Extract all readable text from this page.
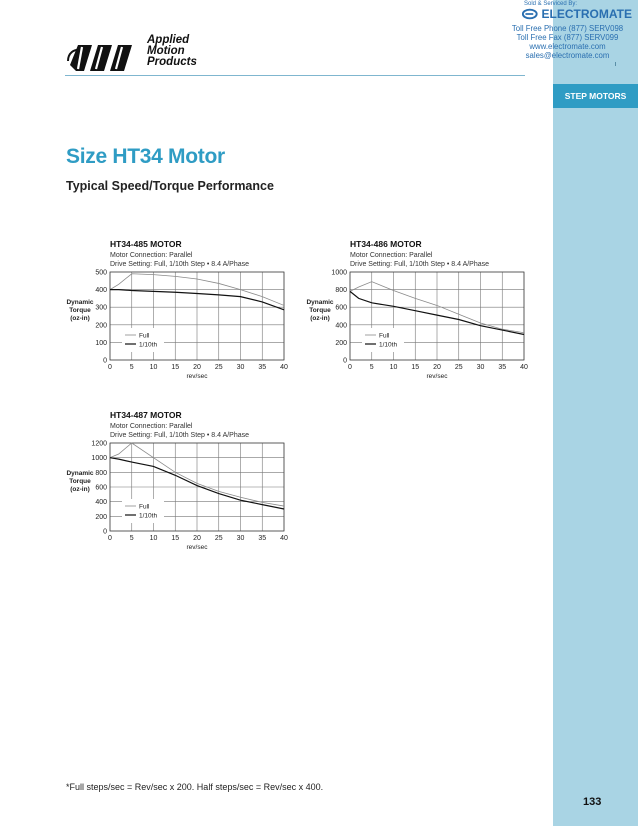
STEP MOTORS
133
Sold & Serviced By:
ELECTROMATE
Toll Free Phone (877) SERV098
Toll Free Fax (877) SERV099
www.electromate.com
sales@electromate.com
Applied
Motion
Products
Size HT34 Motor
Typical Speed/Torque Performance
HT34-485 MOTOR
Motor Connection: Parallel
Drive Setting: Full, 1/10th Step • 8.4 A/Phase
0	5 10 15 20 25 30 35 40
0
100
200
300
400
500
rev/sec
Dynamic
Torque
(oz-in)
Full
1/10th
HT34-486 MOTOR
Motor Connection: Parallel
Drive Setting: Full, 1/10th Step • 8.4 A/Phase
0	5 10 15 20 25 30 35 40
0
200
400
600
800
1000
rev/sec
Dynamic
Torque
(oz-in)
Full
1/10th
HT34-487 MOTOR
Motor Connection: Parallel
Drive Setting: Full, 1/10th Step • 8.4 A/Phase
0	5 10 15 20 25 30 35 40
0
200
400
600
800
1000
1200
rev/sec
Dynamic
Torque
(oz-in)
Full
1/10th
*Full steps/sec = Rev/sec x 200. Half steps/sec = Rev/sec x 400.
